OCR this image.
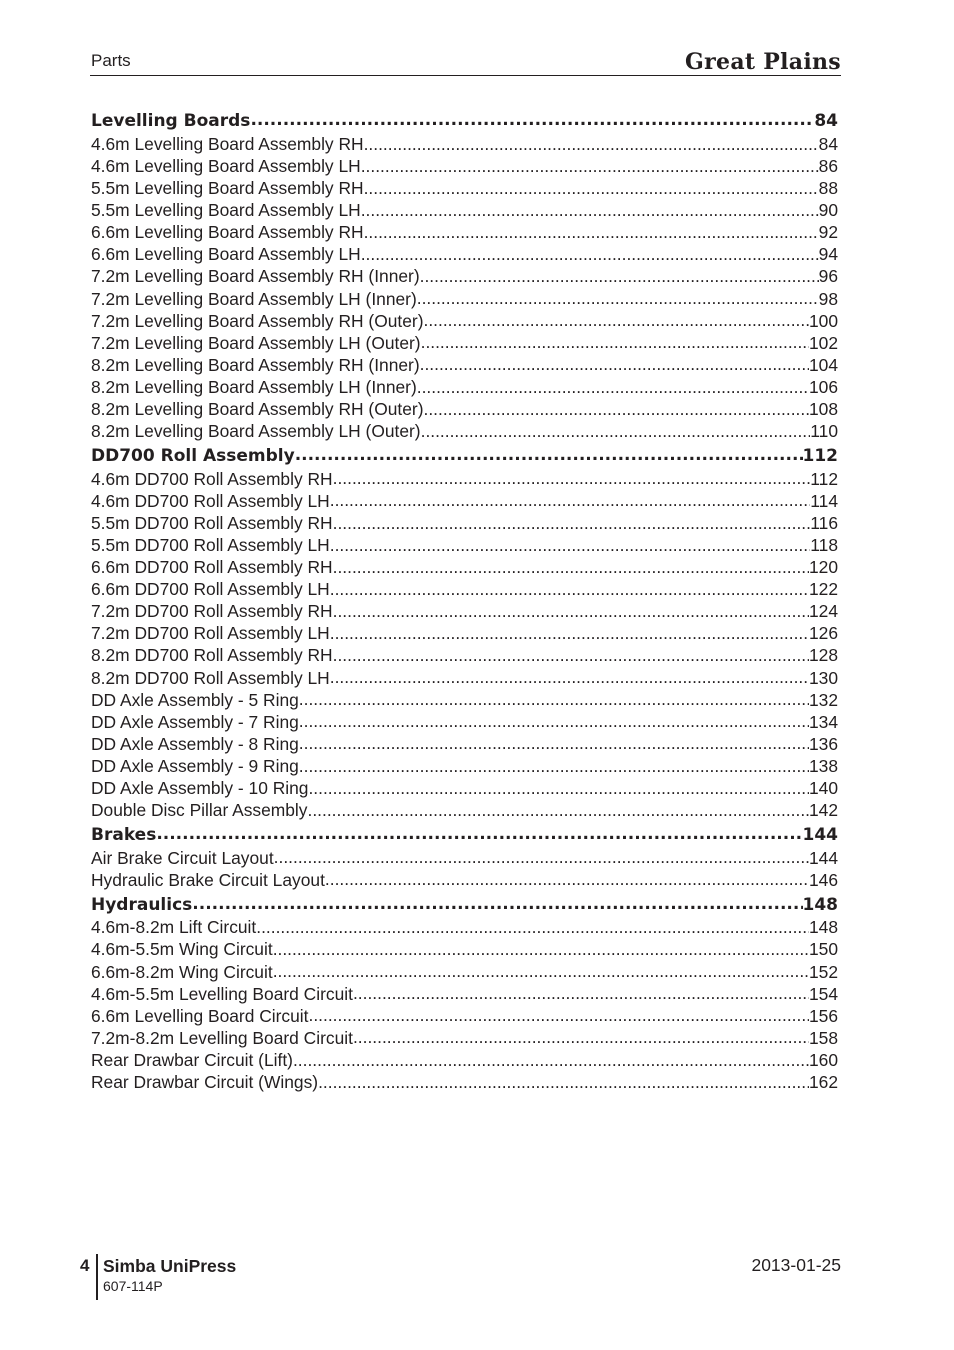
Parts	Great Plains
Levelling Boards .....	84
4.6m Levelling Board Assembly RH .....	84
4.6m Levelling Board Assembly LH .....	86
5.5m Levelling Board Assembly RH .....	88
5.5m Levelling Board Assembly LH .....	90
6.6m Levelling Board Assembly RH .....	92
6.6m Levelling Board Assembly LH .....	94
7.2m Levelling Board Assembly RH (Inner) .....	96
7.2m Levelling Board Assembly LH (Inner) .....	98
7.2m Levelling Board Assembly RH (Outer) .....	100
7.2m Levelling Board Assembly LH (Outer) .....	102
8.2m Levelling Board Assembly RH (Inner) .....	104
8.2m Levelling Board Assembly LH (Inner) .....	106
8.2m Levelling Board Assembly RH (Outer) .....	108
8.2m Levelling Board Assembly LH (Outer) .....	110
DD700 Roll Assembly .....	112
4.6m DD700 Roll Assembly RH .....	112
4.6m DD700 Roll Assembly LH .....	114
5.5m DD700 Roll Assembly RH .....	116
5.5m DD700 Roll Assembly LH .....	118
6.6m DD700 Roll Assembly RH .....	120
6.6m DD700 Roll Assembly LH .....	122
7.2m DD700 Roll Assembly RH .....	124
7.2m DD700 Roll Assembly LH .....	126
8.2m DD700 Roll Assembly RH .....	128
8.2m DD700 Roll Assembly LH .....	130
DD Axle Assembly - 5 Ring .....	132
DD Axle Assembly - 7 Ring .....	134
DD Axle Assembly - 8 Ring .....	136
DD Axle Assembly - 9 Ring .....	138
DD Axle Assembly - 10 Ring .....	140
Double Disc Pillar Assembly .....	142
Brakes .....	144
Air Brake Circuit Layout .....	144
Hydraulic Brake Circuit Layout .....	146
Hydraulics .....	148
4.6m-8.2m Lift Circuit .....	148
4.6m-5.5m Wing Circuit .....	150
6.6m-8.2m Wing Circuit .....	152
4.6m-5.5m Levelling Board Circuit .....	154
6.6m Levelling Board Circuit .....	156
7.2m-8.2m Levelling Board Circuit .....	158
Rear Drawbar Circuit (Lift) .....	160
Rear Drawbar Circuit (Wings) .....	162
4 Simba UniPress
607-114P
2013-01-25
